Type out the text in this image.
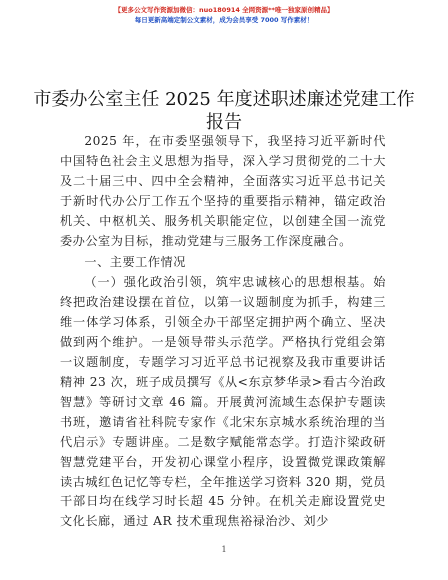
【更多公文写作资源加微信：nuo180914 全网资源**唯一独家原创精品】
每日更新高端定制公文素材，成为会员享受 7000 写作素材！
市委办公室主任 2025 年度述职述廉述党建工作报告

2025 年，在市委坚强领导下，我坚持习近平新时代中国特色社会主义思想为指导，深入学习贯彻党的二十大及二十届三中、四中全会精神，全面落实习近平总书记关于新时代办公厅工作五个坚持的重要指示精神，锚定政治机关、中枢机关、服务机关职能定位，以创建全国一流党委办公室为目标，推动党建与三服务工作深度融合。

一、主要工作情况

（一）强化政治引领，筑牢忠诚核心的思想根基。始终把政治建设摆在首位，以第一议题制度为抓手，构建三维一体学习体系，引领全办干部坚定拥护两个确立、坚决做到两个维护。一是领导带头示范学。严格执行党组会第一议题制度，专题学习习近平总书记视察及我市重要讲话精神 23 次，班子成员撰写《从<东京梦华录>看古今治政智慧》等研讨文章 46 篇。开展黄河流域生态保护专题读书班，邀请省社科院专家作《北宋东京城水系统治理的当代启示》专题讲座。二是数字赋能常态学。打造汴梁政研智慧党建平台，开发初心课堂小程序，设置微党课政策解读古城红色记忆等专栏，全年推送学习资料 320 期，党员干部日均在线学习时长超 45 分钟。在机关走廊设置党史文化长廊，通过 AR 技术重现焦裕禄治沙、刘少

1
